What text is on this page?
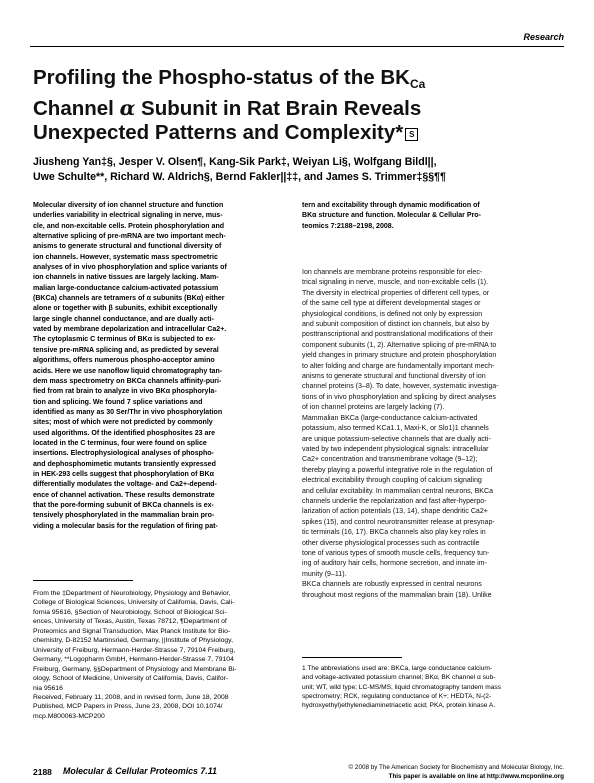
Research
Profiling the Phospho-status of the $BK_{Ca}$
Channel α Subunit in Rat Brain Reveals
Unexpected Patterns and Complexity* S
Jiusheng Yan‡§, Jesper V. Olsen¶, Kang-Sik Park‡, Weiyan Li§, Wolfgang Bildl||,
Uwe Schulte**, Richard W. Aldrich§, Bernd Fakler||‡‡, and James S. Trimmer‡§§¶¶
Molecular diversity of ion channel structure and function
underlies variability in electrical signaling in nerve, mus-
cle, and non-excitable cells. Protein phosphorylation and
alternative splicing of pre-mRNA are two important mech-
anisms to generate structural and functional diversity of
ion channels. However, systematic mass spectrometric
analyses of in vivo phosphorylation and splice variants of
ion channels in native tissues are largely lacking. Mam-
malian large-conductance calcium-activated potassium
(BKCa) channels are tetramers of α subunits (BKα) either
alone or together with β subunits, exhibit exceptionally
large single channel conductance, and are dually acti-
vated by membrane depolarization and intracellular Ca2+.
The cytoplasmic C terminus of BKα is subjected to ex-
tensive pre-mRNA splicing and, as predicted by several
algorithms, offers numerous phospho-acceptor amino
acids. Here we use nanoflow liquid chromatography tan-
dem mass spectrometry on BKCa channels affinity-puri-
fied from rat brain to analyze in vivo BKα phosphoryla-
tion and splicing. We found 7 splice variations and
identified as many as 30 Ser/Thr in vivo phosphorylation
sites; most of which were not predicted by commonly
used algorithms. Of the identified phosphosites 23 are
located in the C terminus, four were found on splice
insertions. Electrophysiological analyses of phospho-
and dephosphomimetic mutants transiently expressed
in HEK-293 cells suggest that phosphorylation of BKα
differentially modulates the voltage- and Ca2+-depend-
ence of channel activation. These results demonstrate
that the pore-forming subunit of BKCa channels is ex-
tensively phosphorylated in the mammalian brain pro-
viding a molecular basis for the regulation of firing pat-
tern and excitability through dynamic modification of
BKα structure and function. Molecular & Cellular Pro-
teomics 7:2188–2198, 2008.
Ion channels are membrane proteins responsible for elec-
trical signaling in nerve, muscle, and non-excitable cells (1).
The diversity in electrical properties of different cell types, or
of the same cell type at different developmental stages or
physiological conditions, is defined not only by expression
and subunit composition of distinct ion channels, but also by
posttranscriptional and posttranslational modifications of their
component subunits (1, 2). Alternative splicing of pre-mRNA to
yield changes in primary structure and protein phosphorylation
to alter folding and charge are fundamentally important mech-
anisms to generate structural and functional diversity of ion
channel proteins (3–8). To date, however, systematic investiga-
tions of in vivo phosphorylation and splicing by direct analyses
of ion channel proteins are largely lacking (7).
Mammalian BKCa (large-conductance calcium-activated
potassium, also termed KCa1.1, Maxi-K, or Slo1)1 channels
are unique potassium-selective channels that are dually acti-
vated by two independent physiological signals: intracellular
Ca2+ concentration and transmembrane voltage (9–12);
thereby playing a powerful integrative role in the regulation of
electrical excitability through coupling of calcium signaling
and cellular excitability. In mammalian central neurons, BKCa
channels underlie the repolarization and fast after-hyperpo-
larization of action potentials (13, 14), shape dendritic Ca2+
spikes (15), and control neurotransmitter release at presynap-
tic terminals (16, 17). BKCa channels also play key roles in
other diverse physiological processes such as contractile
tone of various types of smooth muscle cells, frequency tun-
ing of auditory hair cells, hormone secretion, and innate im-
munity (9–11).
BKCa channels are robustly expressed in central neurons
throughout most regions of the mammalian brain (18). Unlike
From the ‡Department of Neurobiology, Physiology and Behavior,
College of Biological Sciences, University of California, Davis, Cali-
fornia 95616, §Section of Neurobiology, School of Biological Sci-
ences, University of Texas, Austin, Texas 78712, ¶Department of
Proteomics and Signal Transduction, Max Planck Institute for Bio-
chemistry, D-82152 Martinsried, Germany, ||Institute of Physiology,
University of Freiburg, Hermann-Herder-Strasse 7, 79104 Freiburg,
Germany, **Logopharm GmbH, Hermann-Herder-Strasse 7, 79104
Freiburg, Germany, §§Department of Physiology and Membrane Bi-
ology, School of Medicine, University of California, Davis, Califor-
nia 95616
Received, February 11, 2008, and in revised form, June 18, 2008
Published, MCP Papers in Press, June 23, 2008, DOI 10.1074/
mcp.M800063-MCP200
1 The abbreviations used are: BKCa, large conductance calcium-
and voltage-activated potassium channel; BKα, BK channel α sub-
unit; WT, wild type; LC-MS/MS, liquid chromatography tandem mass
spectrometry; RCK, regulating conductance of K+; HEDTA, N-(2-
hydroxyethyl)ethylenediaminetriacetic acid; PKA, protein kinase A.
2188 Molecular & Cellular Proteomics 7.11	© 2008 by The American Society for Biochemistry and Molecular Biology, Inc.
This paper is available on line at http://www.mcponline.org
